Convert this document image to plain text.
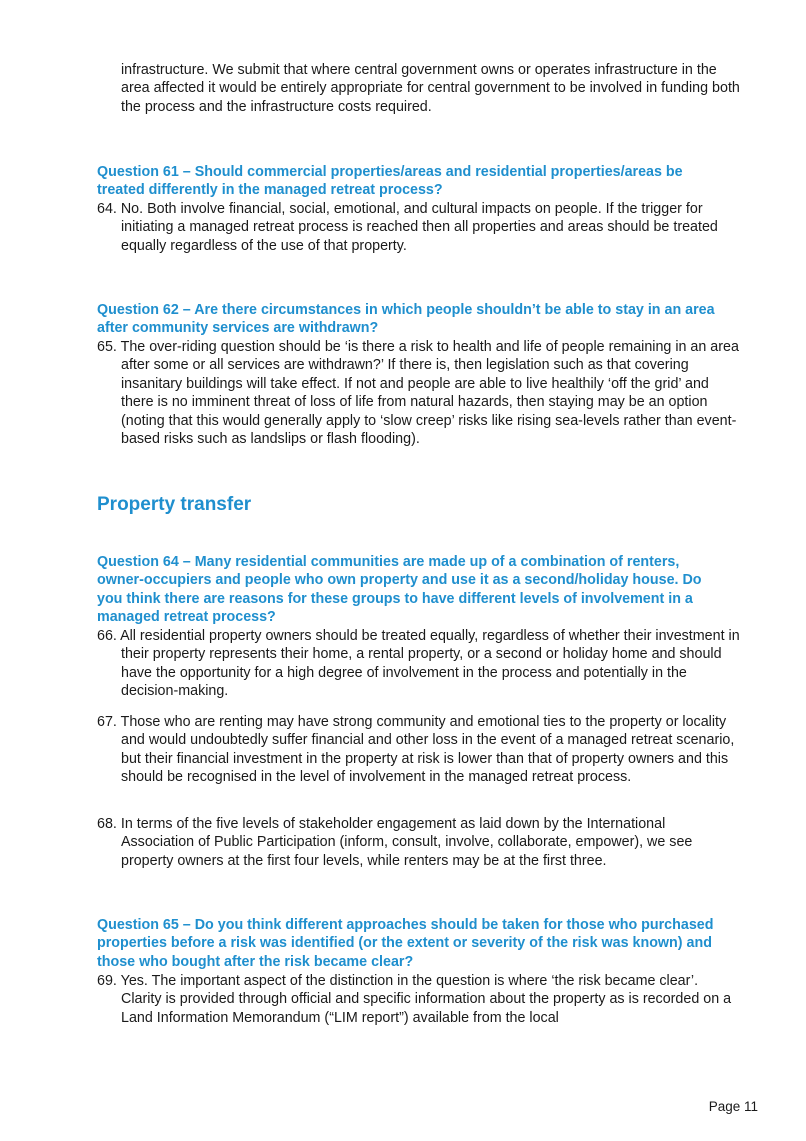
infrastructure. We submit that where central government owns or operates infrastructure in the area affected it would be entirely appropriate for central government to be involved in funding both the process and the infrastructure costs required.
Question 61 – Should commercial properties/areas and residential properties/areas be treated differently in the managed retreat process?
64. No. Both involve financial, social, emotional, and cultural impacts on people. If the trigger for initiating a managed retreat process is reached then all properties and areas should be treated equally regardless of the use of that property.
Question 62 – Are there circumstances in which people shouldn’t be able to stay in an area after community services are withdrawn?
65. The over-riding question should be ‘is there a risk to health and life of people remaining in an area after some or all services are withdrawn?’ If there is, then legislation such as that covering insanitary buildings will take effect. If not and people are able to live healthily ‘off the grid’ and there is no imminent threat of loss of life from natural hazards, then staying may be an option (noting that this would generally apply to ‘slow creep’ risks like rising sea-levels rather than event-based risks such as landslips or flash flooding).
Property transfer
Question 64 – Many residential communities are made up of a combination of renters, owner-occupiers and people who own property and use it as a second/holiday house. Do you think there are reasons for these groups to have different levels of involvement in a managed retreat process?
66. All residential property owners should be treated equally, regardless of whether their investment in their property represents their home, a rental property, or a second or holiday home and should have the opportunity for a high degree of involvement in the process and potentially in the decision-making.
67. Those who are renting may have strong community and emotional ties to the property or locality and would undoubtedly suffer financial and other loss in the event of a managed retreat scenario, but their financial investment in the property at risk is lower than that of property owners and this should be recognised in the level of involvement in the managed retreat process.
68. In terms of the five levels of stakeholder engagement as laid down by the International Association of Public Participation (inform, consult, involve, collaborate, empower), we see property owners at the first four levels, while renters may be at the first three.
Question 65 – Do you think different approaches should be taken for those who purchased properties before a risk was identified (or the extent or severity of the risk was known) and those who bought after the risk became clear?
69. Yes. The important aspect of the distinction in the question is where ‘the risk became clear’. Clarity is provided through official and specific information about the property as is recorded on a Land Information Memorandum (“LIM report”) available from the local
Page 11
